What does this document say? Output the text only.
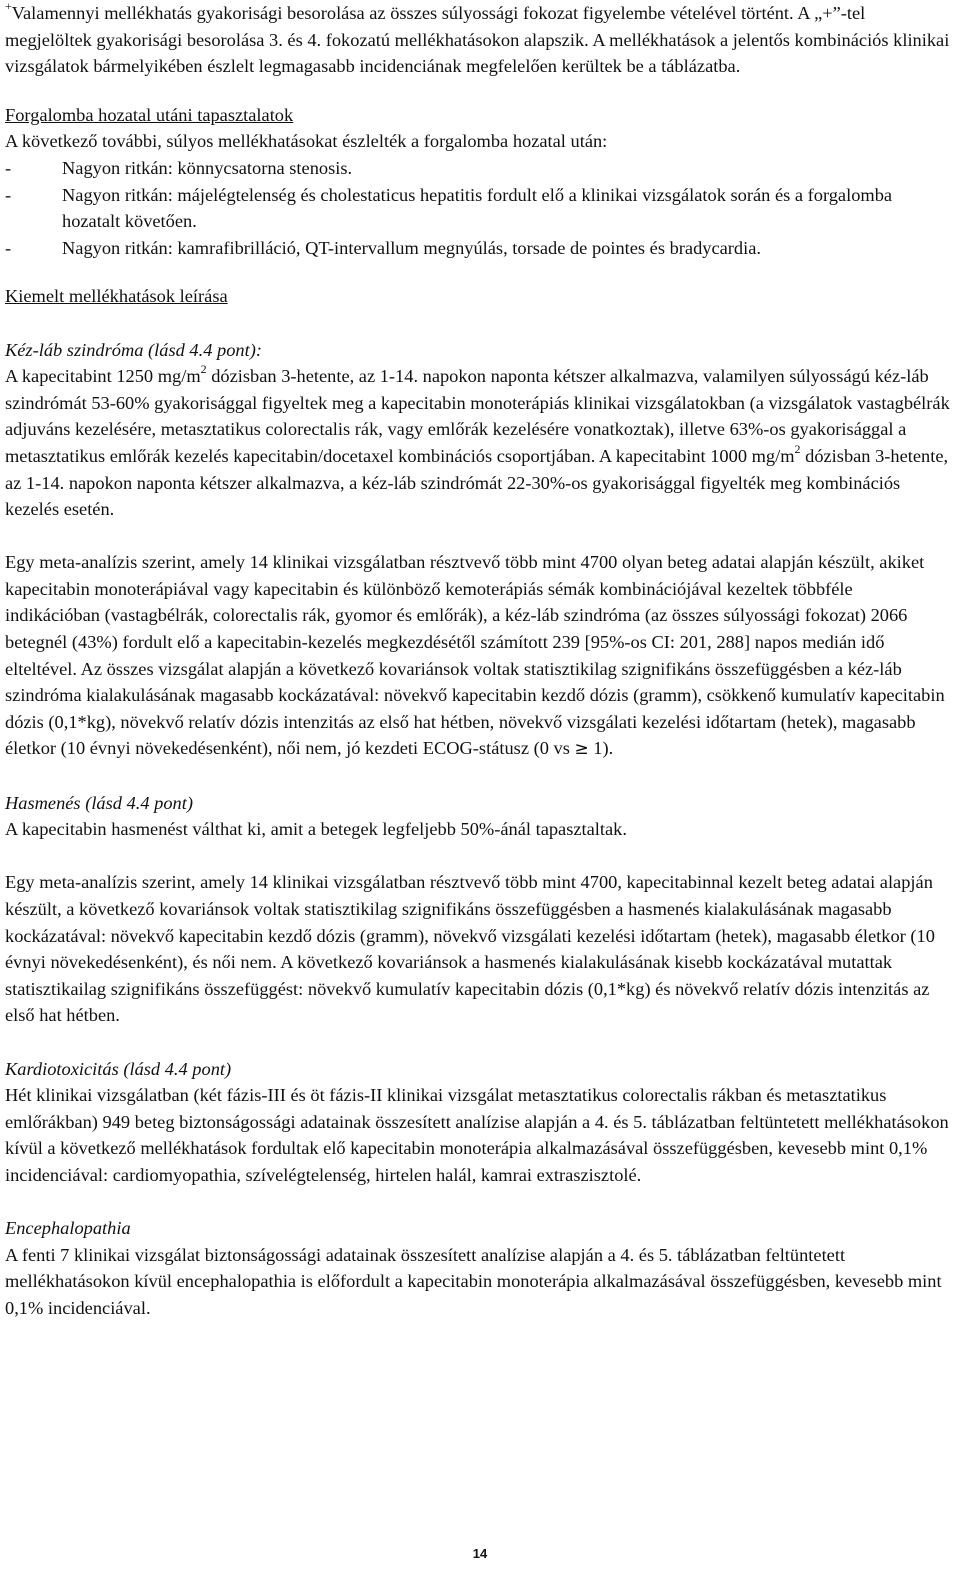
+Valamennyi mellékhatás gyakorisági besorolása az összes súlyossági fokozat figyelembe vételével történt. A „+”-tel megjelöltek gyakorisági besorolása 3. és 4. fokozatú mellékhatásokon alapszik. A mellékhatások a jelentős kombinációs klinikai vizsgálatok bármelyikében észlelt legmagasabb incidenciának megfelelően kerültek be a táblázatba.

Forgalomba hozatal utáni tapasztalatok

A következő további, súlyos mellékhatásokat észlelték a forgalomba hozatal után:

-	Nagyon ritkán: könnycsatorna stenosis.
-	Nagyon ritkán: májelégtelenség és cholestaticus hepatitis fordult elő a klinikai vizsgálatok során és a forgalomba hozatalt követően.
-	Nagyon ritkán: kamrafibrilláció, QT-intervallum megnyúlás, torsade de pointes és bradycardia.

Kiemelt mellékhatások leírása

Kéz-láb szindróma (lásd 4.4 pont):

A kapecitabint 1250 $mg/m^2$ dózisban 3-hetente, az 1-14. napokon naponta kétszer alkalmazva, valamilyen súlyosságú kéz-láb szindrómát 53-60% gyakorisággal figyeltek meg a kapecitabin monoterápiás klinikai vizsgálatokban (a vizsgálatok vastagbélrák adjuváns kezelésére, metasztatikus colorectalis rák, vagy emlőrák kezelésére vonatkoztak), illetve 63%-os gyakorisággal a metasztatikus emlőrák kezelés kapecitabin/docetaxel kombinációs csoportjában. A kapecitabint 1000 $mg/m^2$ dózisban 3-hetente, az 1-14. napokon naponta kétszer alkalmazva, a kéz-láb szindrómát 22-30%-os gyakorisággal figyelték meg kombinációs kezelés esetén.

Egy meta-analízis szerint, amely 14 klinikai vizsgálatban résztvevő több mint 4700 olyan beteg adatai alapján készült, akiket kapecitabin monoterápiával vagy kapecitabin és különböző kemoterápiás sémák kombinációjával kezeltek többféle indikációban (vastagbélrák, colorectalis rák, gyomor és emlőrák), a kéz-láb szindróma (az összes súlyossági fokozat) 2066 betegnél (43%) fordult elő a kapecitabin-kezelés megkezdésétől számított 239 [95%-os CI: 201, 288] napos medián idő elteltével. Az összes vizsgálat alapján a következő kovariánsok voltak statisztikilag szignifikáns összefüggésben a kéz-láb szindróma kialakulásának magasabb kockázatával: növekvő kapecitabin kezdő dózis (gramm), csökkenő kumulatív kapecitabin dózis (0,1*kg), növekvő relatív dózis intenzitás az első hat hétben, növekvő vizsgálati kezelési időtartam (hetek), magasabb életkor (10 évnyi növekedésenként), női nem, jó kezdeti ECOG-státusz (0 vs ≥ 1).

Hasmenés (lásd 4.4 pont)

A kapecitabin hasmenést válthat ki, amit a betegek legfeljebb 50%-ánál tapasztaltak.

Egy meta-analízis szerint, amely 14 klinikai vizsgálatban résztvevő több mint 4700, kapecitabinnal kezelt beteg adatai alapján készült, a következő kovariánsok voltak statisztikilag szignifikáns összefüggésben a hasmenés kialakulásának magasabb kockázatával: növekvő kapecitabin kezdő dózis (gramm), növekvő vizsgálati kezelési időtartam (hetek), magasabb életkor (10 évnyi növekedésenként), és női nem. A következő kovariánsok a hasmenés kialakulásának kisebb kockázatával mutattak statisztikailag szignifikáns összefüggést: növekvő kumulatív kapecitabin dózis (0,1*kg) és növekvő relatív dózis intenzitás az első hat hétben.

Kardiotoxicitás (lásd 4.4 pont)

Hét klinikai vizsgálatban (két fázis-III és öt fázis-II klinikai vizsgálat metasztatikus colorectalis rákban és metasztatikus emlőrákban) 949 beteg biztonságossági adatainak összesített analízise alapján a 4. és 5. táblázatban feltüntetett mellékhatásokon kívül a következő mellékhatások fordultak elő kapecitabin monoterápia alkalmazásával összefüggésben, kevesebb mint 0,1% incidenciával: cardiomyopathia, szívelégtelenség, hirtelen halál, kamrai extraszisztolé.

Encephalopathia

A fenti 7 klinikai vizsgálat biztonságossági adatainak összesített analízise alapján a 4. és 5. táblázatban feltüntetett mellékhatásokon kívül encephalopathia is előfordult a kapecitabin monoterápia alkalmazásával összefüggésben, kevesebb mint 0,1% incidenciával.

14
